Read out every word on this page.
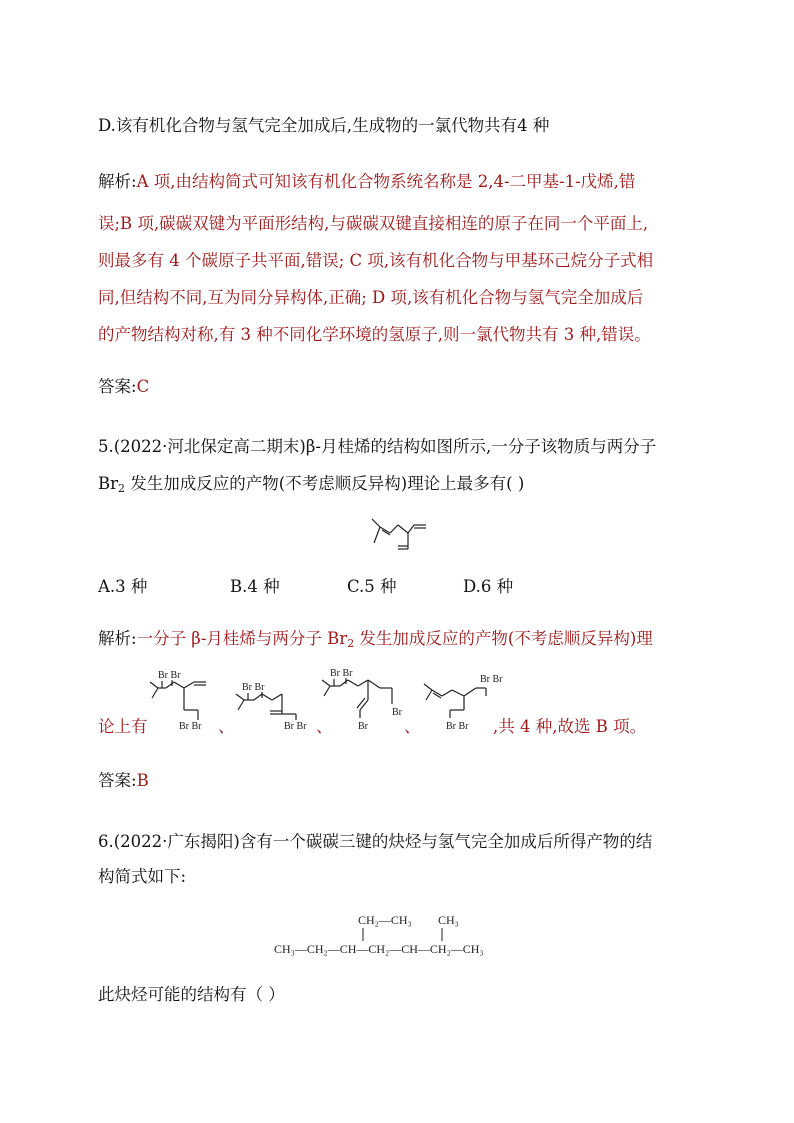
D.该有机化合物与氢气完全加成后,生成物的一氯代物共有4 种
解析:A 项,由结构简式可知该有机化合物系统名称是 2,4-二甲基-1-戊烯,错
误;B 项,碳碳双键为平面形结构,与碳碳双键直接相连的原子在同一个平面上,
则最多有 4 个碳原子共平面,错误; C 项,该有机化合物与甲基环己烷分子式相
同,但结构不同,互为同分异构体,正确; D 项,该有机化合物与氢气完全加成后
的产物结构对称,有 3 种不同化学环境的氢原子,则一氯代物共有 3 种,错误。
答案:C
5.(2022·河北保定高二期末)β-月桂烯的结构如图所示,一分子该物质与两分子
$Br_2$ 发生加成反应的产物(不考虑顺反异构)理论上最多有( )
A.3 种	B.4 种	C.5 种	D.6 种
解析:一分子 β-月桂烯与两分子 $Br_2$ 发生加成反应的产物(不考虑顺反异构)理
论上有	、	、	、	,共 4 种,故选 B 项。
Br Br
Br Br
Br Br
Br Br
Br Br
Br
Br
Br Br
Br Br
答案:B
6.(2022·广东揭阳)含有一个碳碳三键的炔烃与氢气完全加成后所得产物的结
构简式如下:
CH₂—CH₃ CH₃
CH₃—CH₂—CH—CH₂—CH—CH₂—CH₃
此炔烃可能的结构有（ ）
